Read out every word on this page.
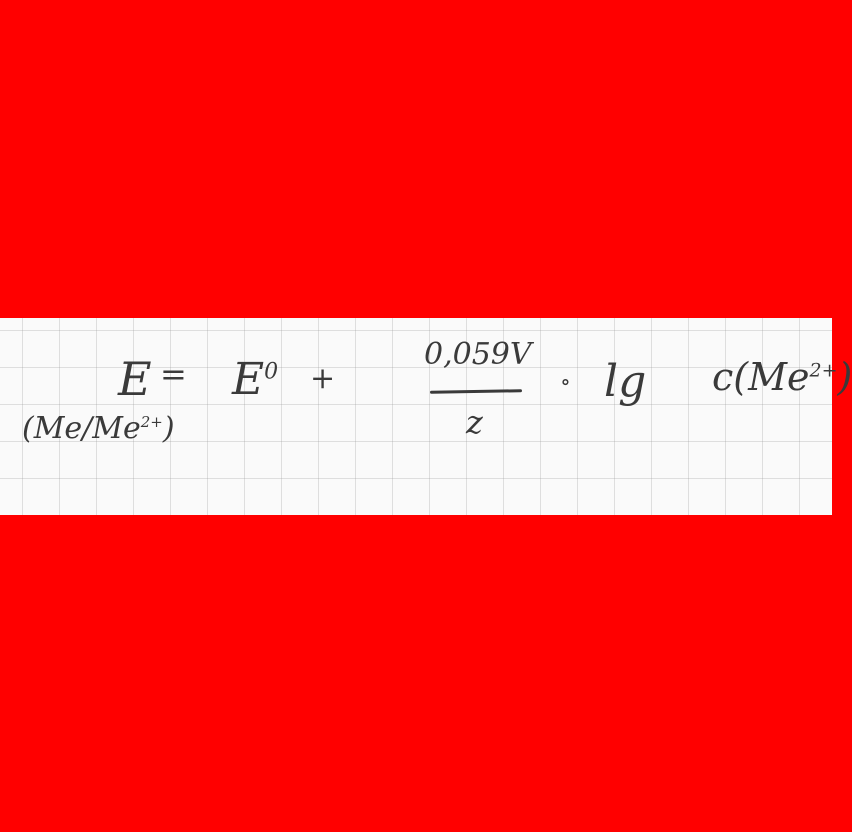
E =
$(Me/Me^{2+})$
$E^0$ +
0,059V
z
∘ $\lg c(Me^{2+})$
